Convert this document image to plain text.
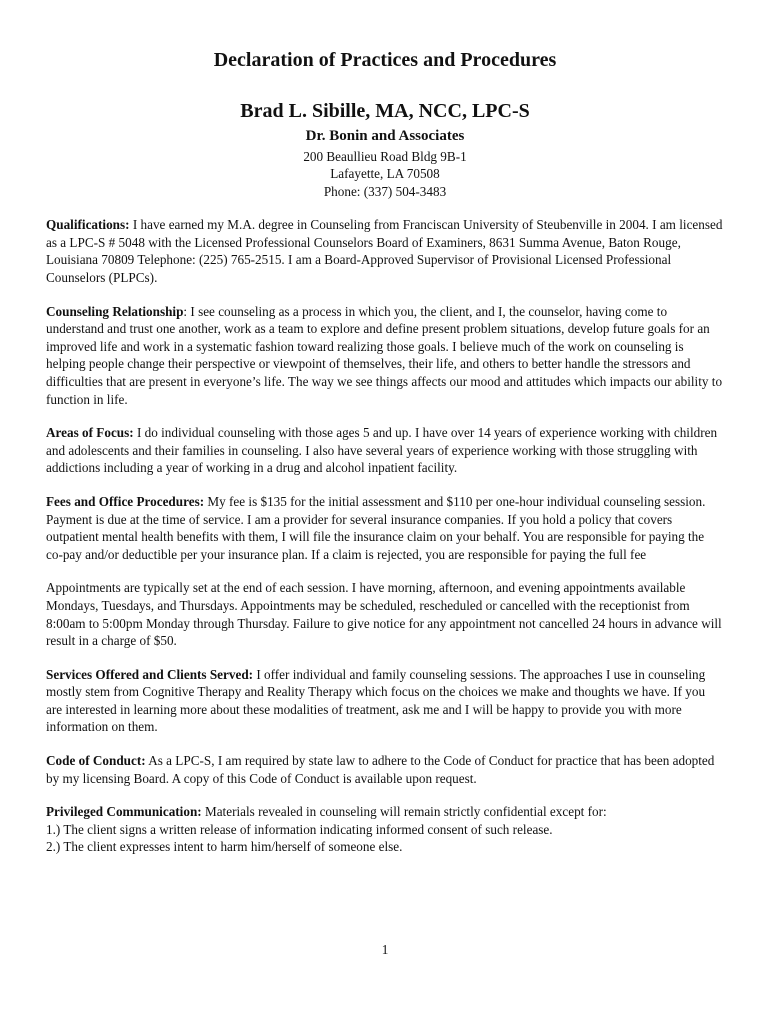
Declaration of Practices and Procedures
Brad L. Sibille, MA, NCC, LPC-S
Dr. Bonin and Associates
200 Beaullieu Road Bldg 9B-1
Lafayette, LA 70508
Phone: (337) 504-3483

Qualifications: I have earned my M.A. degree in Counseling from Franciscan University of Steubenville in 2004. I am licensed as a LPC-S # 5048 with the Licensed Professional Counselors Board of Examiners, 8631 Summa Avenue, Baton Rouge, Louisiana 70809 Telephone: (225) 765-2515. I am a Board-Approved Supervisor of Provisional Licensed Professional Counselors (PLPCs).

Counseling Relationship: I see counseling as a process in which you, the client, and I, the counselor, having come to understand and trust one another, work as a team to explore and define present problem situations, develop future goals for an improved life and work in a systematic fashion toward realizing those goals. I believe much of the work on counseling is helping people change their perspective or viewpoint of themselves, their life, and others to better handle the stressors and difficulties that are present in everyone’s life. The way we see things affects our mood and attitudes which impacts our ability to function in life.

Areas of Focus: I do individual counseling with those ages 5 and up. I have over 14 years of experience working with children and adolescents and their families in counseling. I also have several years of experience working with those struggling with addictions including a year of working in a drug and alcohol inpatient facility.

Fees and Office Procedures: My fee is $135 for the initial assessment and $110 per one-hour individual counseling session. Payment is due at the time of service. I am a provider for several insurance companies. If you hold a policy that covers outpatient mental health benefits with them, I will file the insurance claim on your behalf. You are responsible for paying the co-pay and/or deductible per your insurance plan. If a claim is rejected, you are responsible for paying the full fee

Appointments are typically set at the end of each session. I have morning, afternoon, and evening appointments available Mondays, Tuesdays, and Thursdays. Appointments may be scheduled, rescheduled or cancelled with the receptionist from 8:00am to 5:00pm Monday through Thursday. Failure to give notice for any appointment not cancelled 24 hours in advance will result in a charge of $50.

Services Offered and Clients Served: I offer individual and family counseling sessions. The approaches I use in counseling mostly stem from Cognitive Therapy and Reality Therapy which focus on the choices we make and thoughts we have. If you are interested in learning more about these modalities of treatment, ask me and I will be happy to provide you with more information on them.

Code of Conduct: As a LPC-S, I am required by state law to adhere to the Code of Conduct for practice that has been adopted by my licensing Board. A copy of this Code of Conduct is available upon request.

Privileged Communication: Materials revealed in counseling will remain strictly confidential except for:
1.) The client signs a written release of information indicating informed consent of such release.
2.) The client expresses intent to harm him/herself of someone else.

1
